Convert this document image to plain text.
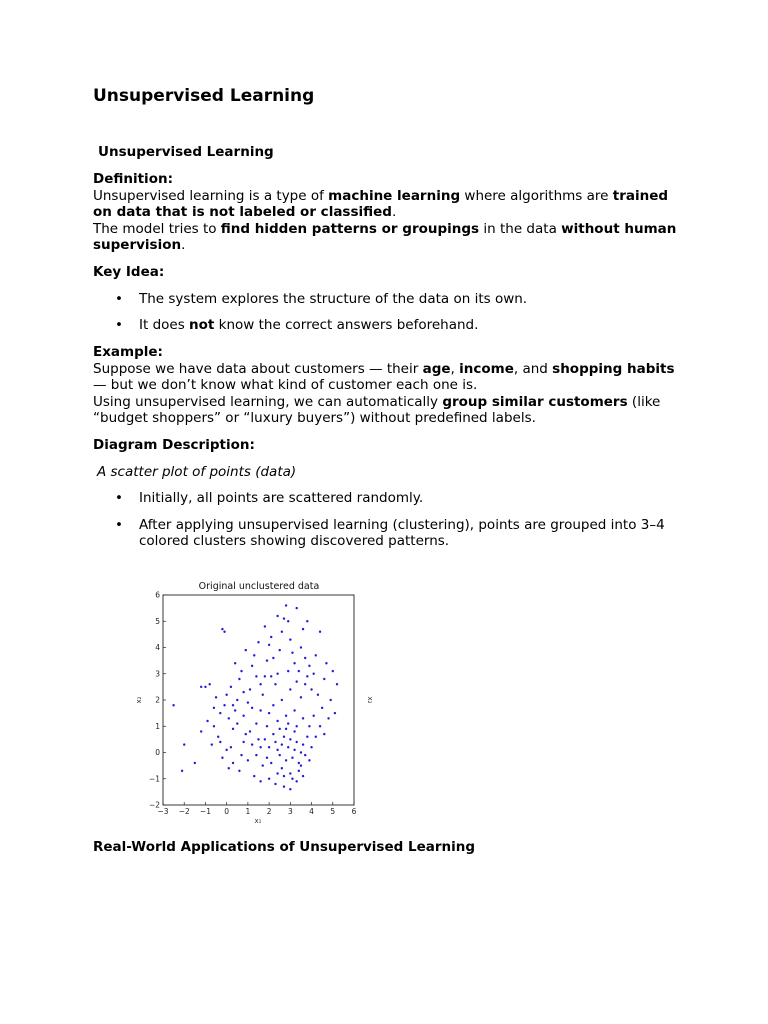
Unsupervised Learning
Unsupervised Learning
Definition:
Unsupervised learning is a type of machine learning where algorithms are trained on data that is not labeled or classified.
The model tries to find hidden patterns or groupings in the data without human supervision.
Key Idea:
• The system explores the structure of the data on its own.
• It does not know the correct answers beforehand.
Example:
Suppose we have data about customers — their age, income, and shopping habits — but we don’t know what kind of customer each one is.
Using unsupervised learning, we can automatically group similar customers (like “budget shoppers” or “luxury buyers”) without predefined labels.
Diagram Description:
A scatter plot of points (data)
• Initially, all points are scattered randomly.
• After applying unsupervised learning (clustering), points are grouped into 3–4 colored clusters showing discovered patterns.
Real-World Applications of Unsupervised Learning
Original unclustered data
−3 −2 −1 0 1 2 3 4 5 6
−2
−1
0
1
2
3
4
5
6
x₁
x₂	x₂
